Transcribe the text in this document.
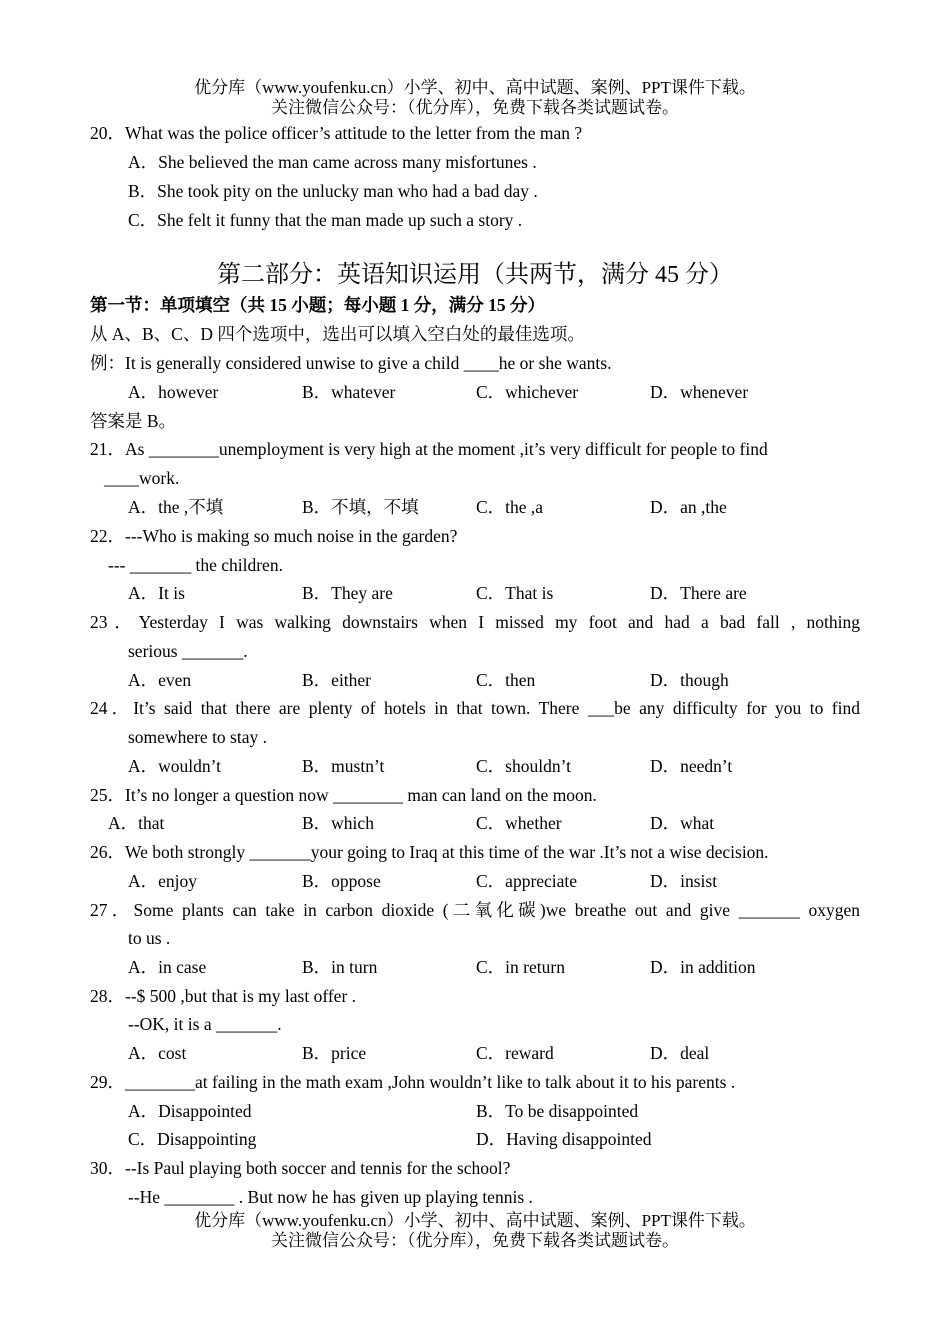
优分库（www.youfenku.cn）小学、初中、高中试题、案例、PPT课件下载。
关注微信公众号：（优分库），免费下载各类试题试卷。
20．What was the police officer’s attitude to the letter from the man ?
A．She believed the man came across many misfortunes .
B．She took pity on the unlucky man who had a bad day .
C．She felt it funny that the man made up such a story .
第二部分：英语知识运用（共两节，满分 45 分）
第一节：单项填空（共 15 小题；每小题 1 分，满分 15 分）
从 A、B、C、D 四个选项中，选出可以填入空白处的最佳选项。
例：It is generally considered unwise to give a child ____he or she wants.
A．however	B．whatever	C．whichever	D．whenever
答案是 B。
21．As ________unemployment is very high at the moment ,it’s very difficult for people to find
____work.
A．the ,不填	B．不填，不填	C．the ,a	D．an ,the
22．---Who is making so much noise in the garden?
--- _______ the children.
A．It is	B．They are	C．That is	D．There are
23．Yesterday I was walking downstairs when I missed my foot and had a bad fall , nothing
serious _______.
A．even	B．either	C．then	D．though
24．It’s said that there are plenty of hotels in that town. There ___be any difficulty for you to find
somewhere to stay .
A．wouldn’t	B．mustn’t	C．shouldn’t	D．needn’t
25．It’s no longer a question now ________ man can land on the moon.
A．that	B．which	C．whether	D．what
26．We both strongly _______your going to Iraq at this time of the war .It’s not a wise decision.
A．enjoy	B．oppose	C．appreciate	D．insist
27．Some plants can take in carbon dioxide (二氧化碳)we breathe out and give _______ oxygen
to us .
A．in case	B．in turn	C．in return	D．in addition
28．--$ 500 ,but that is my last offer .
--OK, it is a _______.
A．cost	B．price	C．reward	D．deal
29．________at failing in the math exam ,John wouldn’t like to talk about it to his parents .
A．Disappointed	B．To be disappointed
C．Disappointing	D．Having disappointed
30．--Is Paul playing both soccer and tennis for the school?
--He ________ . But now he has given up playing tennis .
优分库（www.youfenku.cn）小学、初中、高中试题、案例、PPT课件下载。
关注微信公众号：（优分库），免费下载各类试题试卷。
